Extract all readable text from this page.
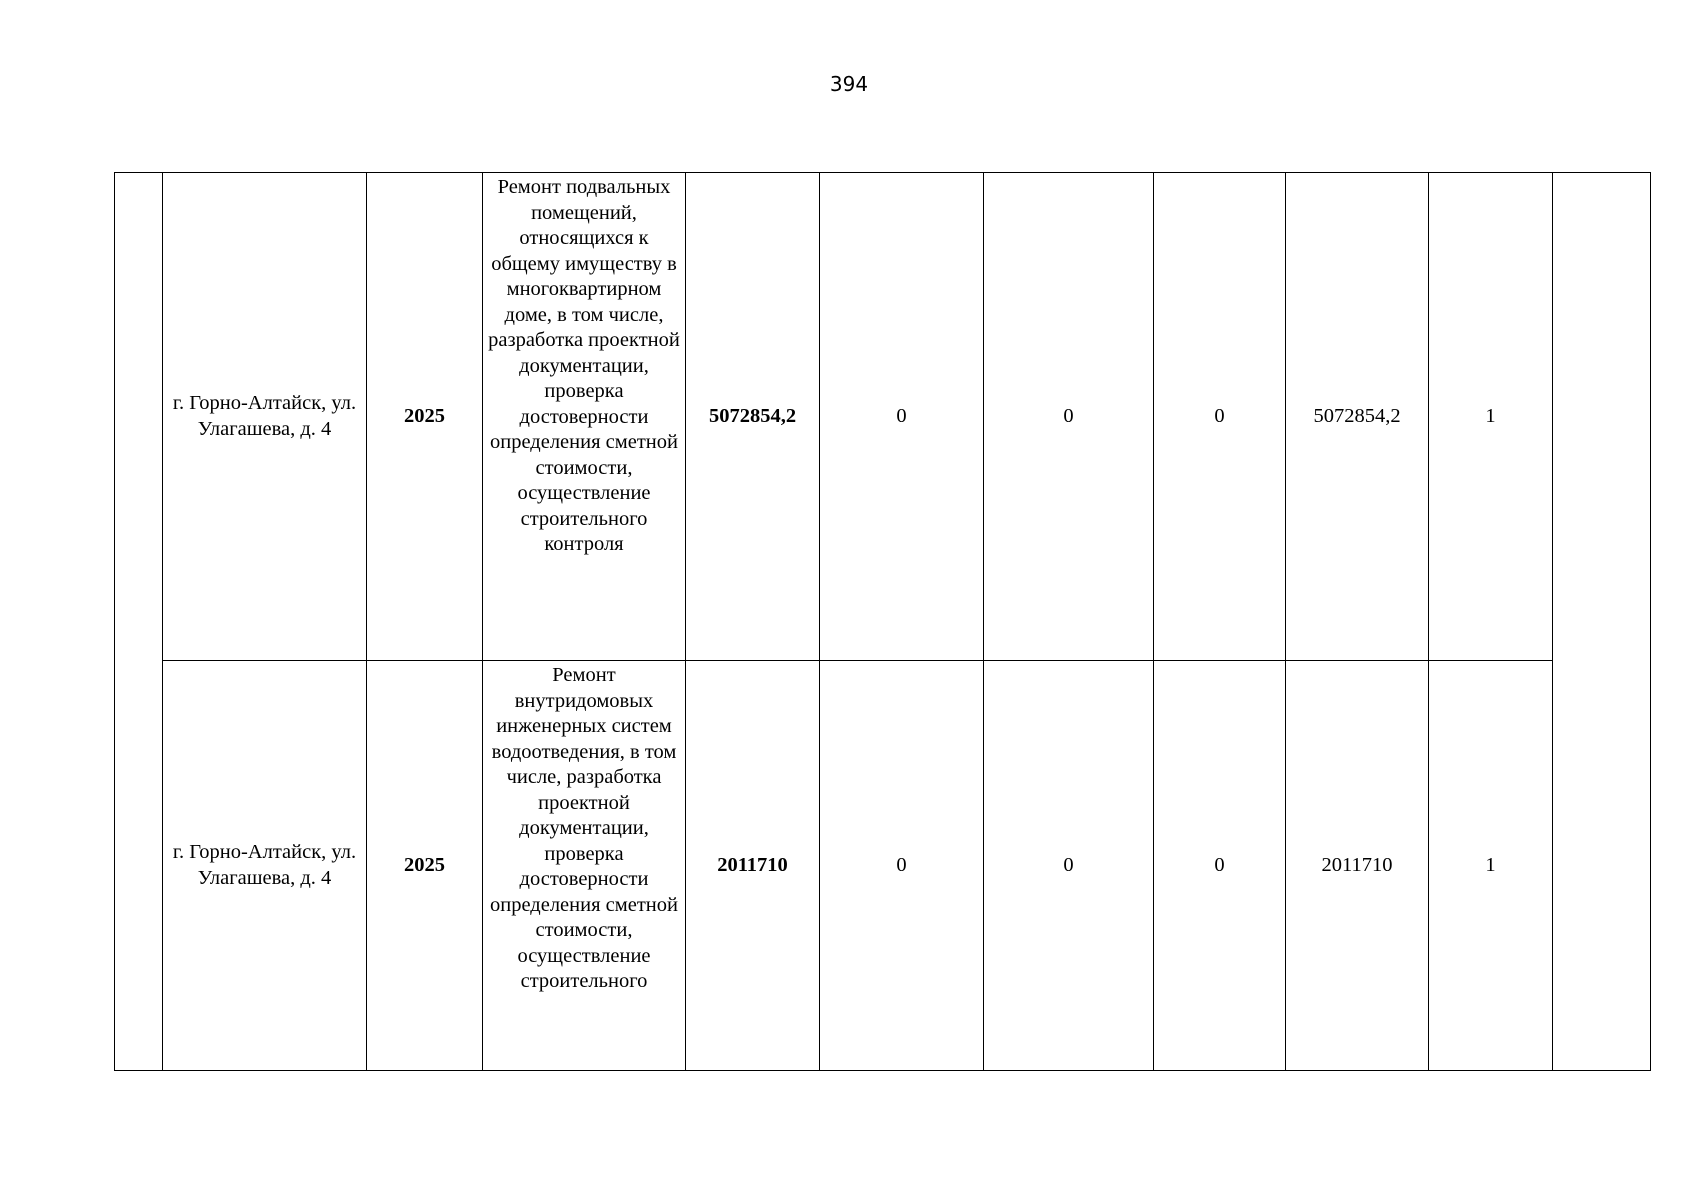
394

	г. Горно-Алтайск, ул. Улагашева, д. 4	2025	Ремонт подвальных помещений, относящихся к общему имуществу в многоквартирном доме, в том числе, разработка проектной документации, проверка достоверности определения сметной стоимости, осуществление строительного контроля	5072854,2	0	0	0	5072854,2	1	

	г. Горно-Алтайск, ул. Улагашева, д. 4	2025	Ремонт внутридомовых инженерных систем водоотведения, в том числе, разработка проектной документации, проверка достоверности определения сметной стоимости, осуществление строительного	2011710	0	0	0	2011710	1	
